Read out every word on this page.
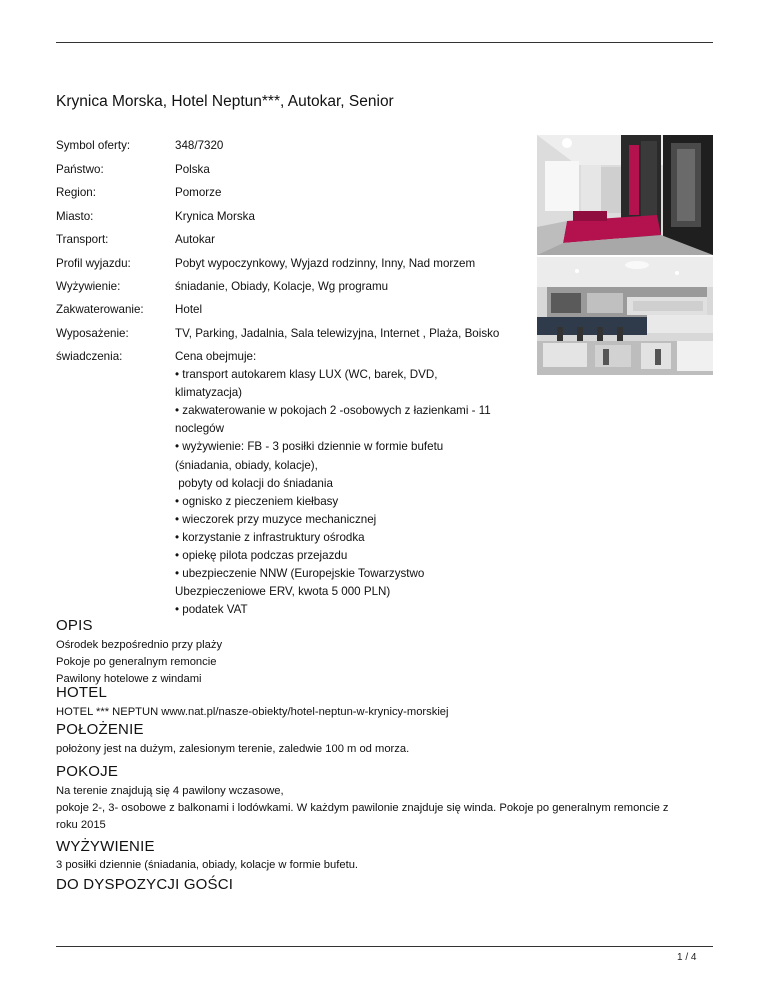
Krynica Morska, Hotel Neptun***, Autokar, Senior
Symbol oferty:	348/7320
Państwo:	Polska
Region:	Pomorze
Miasto:	Krynica Morska
Transport:	Autokar
Profil wyjazdu:	Pobyt wypoczynkowy, Wyjazd rodzinny, Inny, Nad morzem
Wyżywienie:	śniadanie, Obiady, Kolacje, Wg programu
Zakwaterowanie:	Hotel
Wyposażenie:	TV, Parking, Jadalnia, Sala telewizyjna, Internet , Plaża, Boisko
świadczenia:	Cena obejmuje:
• transport autokarem klasy LUX (WC, barek, DVD,
klimatyzacja)
• zakwaterowanie w pokojach 2 -osobowych z łazienkami - 11
noclegów
• wyżywienie: FB - 3 posiłki dziennie w formie bufetu
(śniadania, obiady, kolacje),
pobyty od kolacji do śniadania
• ognisko z pieczeniem kiełbasy
• wieczorek przy muzyce mechanicznej
• korzystanie z infrastruktury ośrodka
• opiekę pilota podczas przejazdu
• ubezpieczenie NNW (Europejskie Towarzystwo
Ubezpieczeniowe ERV, kwota 5 000 PLN)
• podatek VAT
OPIS
Ośrodek bezpośrednio przy plaży
Pokoje po generalnym remoncie
Pawilony hotelowe z windami
HOTEL
HOTEL *** NEPTUN www.nat.pl/nasze-obiekty/hotel-neptun-w-krynicy-morskiej
POŁOŻENIE
położony jest na dużym, zalesionym terenie, zaledwie 100 m od morza.
POKOJE
Na terenie znajdują się 4 pawilony wczasowe,
pokoje 2-, 3- osobowe z balkonami i lodówkami. W każdym pawilonie znajduje się winda. Pokoje po generalnym remoncie z
roku 2015
WYŻYWIENIE
3 posiłki dziennie (śniadania, obiady, kolacje w formie bufetu.
DO DYSPOZYCJI GOŚCI
1 / 4
